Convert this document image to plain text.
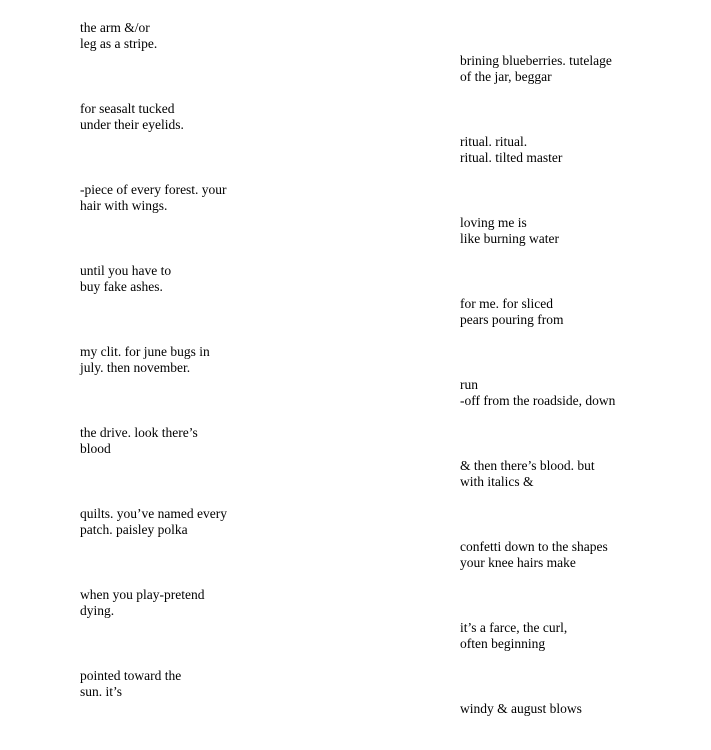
the arm &/or
leg as a stripe.
brining blueberries. tutelage
of the jar, beggar
for seasalt tucked
under their eyelids.
ritual. ritual.
ritual. tilted master
-piece of every forest. your
hair with wings.
loving me is
like burning water
until you have to
buy fake ashes.
for me. for sliced
pears pouring from
my clit. for june bugs in
july. then november.
run
-off from the roadside, down
the drive. look there’s
blood
& then there’s blood. but
with italics &
quilts. you’ve named every
patch. paisley polka
confetti down to the shapes
your knee hairs make
when you play-pretend
dying.
it’s a farce, the curl,
often beginning
pointed toward the
sun. it’s
windy & august blows
